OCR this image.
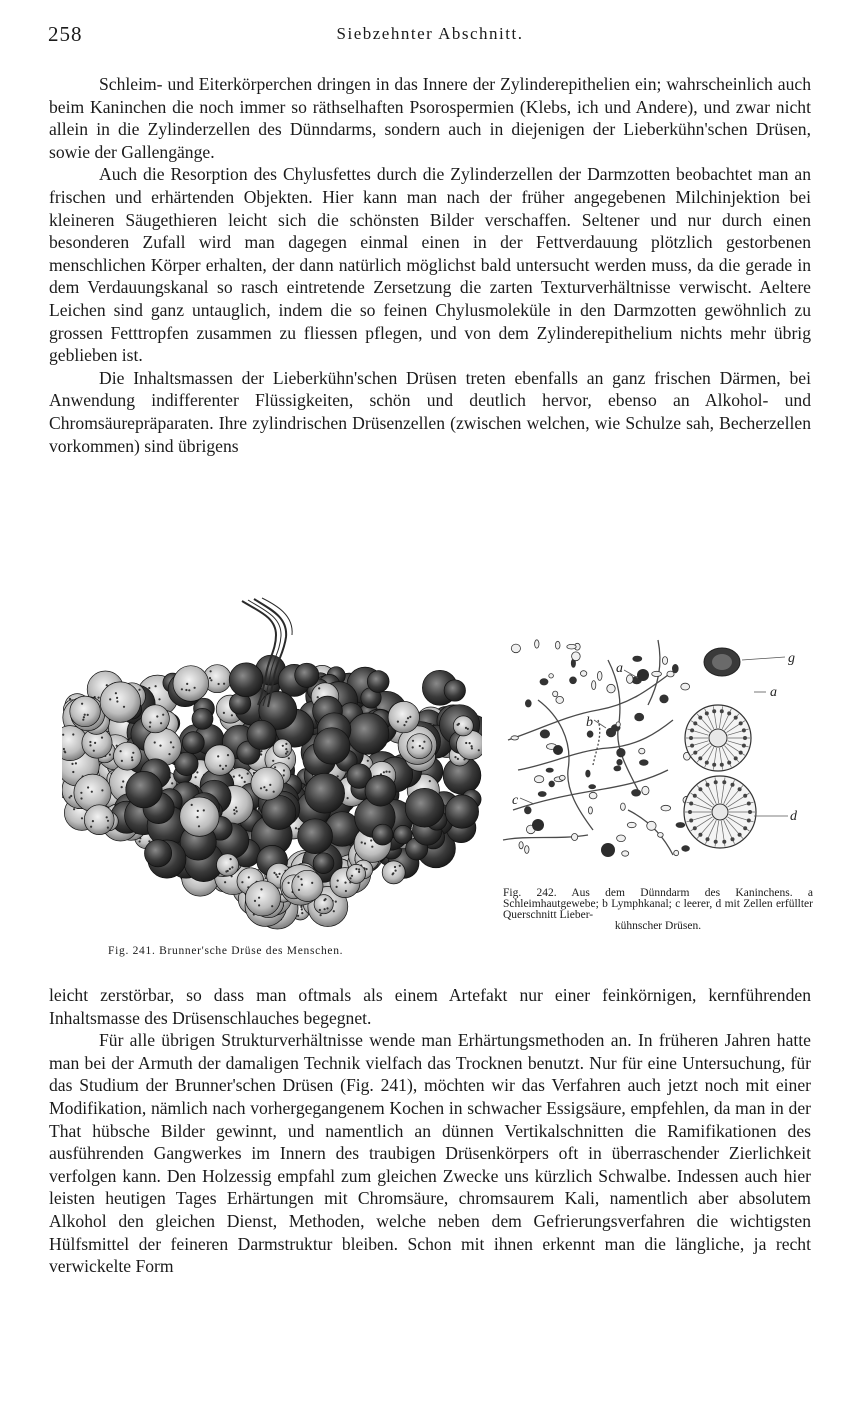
258	Siebzehnter Abschnitt.

Schleim- und Eiterkörperchen dringen in das Innere der Zylinderepithelien ein; wahrscheinlich auch beim Kaninchen die noch immer so räthselhaften Psorospermien (Klebs, ich und Andere), und zwar nicht allein in die Zylinderzellen des Dünndarms, sondern auch in diejenigen der Lieberkühn'schen Drüsen, sowie der Gallengänge.

Auch die Resorption des Chylusfettes durch die Zylinderzellen der Darmzotten beobachtet man an frischen und erhärtenden Objekten. Hier kann man nach der früher angegebenen Milchinjektion bei kleineren Säugethieren leicht sich die schönsten Bilder verschaffen. Seltener und nur durch einen besonderen Zufall wird man dagegen einmal einen in der Fettverdauung plötzlich gestorbenen menschlichen Körper erhalten, der dann natürlich möglichst bald untersucht werden muss, da die gerade in dem Verdauungskanal so rasch eintretende Zersetzung die zarten Texturverhältnisse verwischt. Aeltere Leichen sind ganz untauglich, indem die so feinen Chylusmoleküle in den Darmzotten gewöhnlich zu grossen Fetttropfen zusammen zu fliessen pflegen, und von dem Zylinderepithelium nichts mehr übrig geblieben ist.

Die Inhaltsmassen der Lieberkühn'schen Drüsen treten ebenfalls an ganz frischen Därmen, bei Anwendung indifferenter Flüssigkeiten, schön und deutlich hervor, ebenso an Alkohol- und Chromsäurepräparaten. Ihre zylindrischen Drüsenzellen (zwischen welchen, wie Schulze sah, Becherzellen vorkommen) sind übrigens

a
g
a
b
c
d
Fig. 242. Aus dem Dünndarm des Kaninchens. a Schleimhautgewebe; b Lymphkanal; c leerer, d mit Zellen erfüllter Querschnitt Lieber-
kühnscher Drüsen.
Fig. 241. Brunner'sche Drüse des Menschen.

leicht zerstörbar, so dass man oftmals als einem Artefakt nur einer feinkörnigen, kernführenden Inhaltsmasse des Drüsenschlauches begegnet.

Für alle übrigen Strukturverhältnisse wende man Erhärtungsmethoden an. In früheren Jahren hatte man bei der Armuth der damaligen Technik vielfach das Trocknen benutzt. Nur für eine Untersuchung, für das Studium der Brunner'schen Drüsen (Fig. 241), möchten wir das Verfahren auch jetzt noch mit einer Modifikation, nämlich nach vorhergegangenem Kochen in schwacher Essigsäure, empfehlen, da man in der That hübsche Bilder gewinnt, und namentlich an dünnen Vertikalschnitten die Ramifikationen des ausführenden Gangwerkes im Innern des traubigen Drüsenkörpers oft in überraschender Zierlichkeit verfolgen kann. Den Holzessig empfahl zum gleichen Zwecke uns kürzlich Schwalbe. Indessen auch hier leisten heutigen Tages Erhärtungen mit Chromsäure, chromsaurem Kali, namentlich aber absolutem Alkohol den gleichen Dienst, Methoden, welche neben dem Gefrierungsverfahren die wichtigsten Hülfsmittel der feineren Darmstruktur bleiben. Schon mit ihnen erkennt man die längliche, ja recht verwickelte Form
